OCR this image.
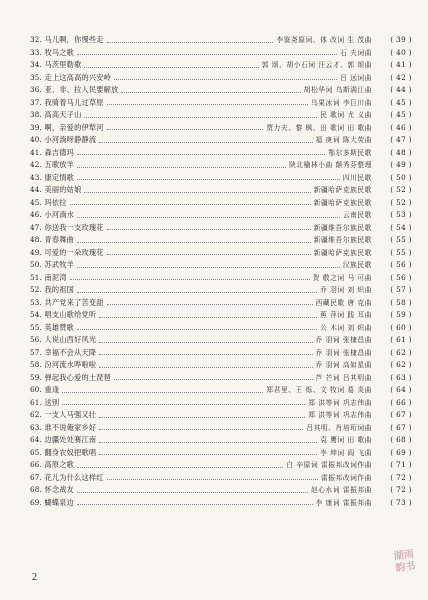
32. 马儿啊，你慢些走	李鉴尧原词、体 改词 生 茂曲	( 39 )
33. 牧马之歌	石 夫词曲	( 40 )
34. 马茨里勒歌	郭 颂、胡小石词 汪云才、郭 颂曲	( 41 )
35. 走上这高高的兴安岭	吕 远词曲	( 42 )
36. 亚、非、拉人民要解放	胡松华词 乌斯满江曲	( 44 )
37. 我骑着马儿过草原	乌果冰词 李巨川曲	( 45 )
38. 高高天子山	民 歌词 尤 义曲	( 45 )
39. 啊，亲爱的伊犁河	贾力夫、黎 枫、田 歌词 田 歌曲	( 46 )
40. 小河淌呀静静流	福 庚词 陈大荧曲	( 47 )
41. 森吉德玛	鄂尔多斯民歌	( 48 )
42. 五歌放羊	陕北榆林小曲 颠秀芬整理	( 49 )
43. 康定情歌	四川民歌	( 50 )
44. 美丽的姑娘	新疆哈萨克族民歌	( 52 )
45. 玛依拉	新疆哈萨克族民歌	( 52 )
46. 小河淌水	云南民歌	( 53 )
47. 你送我一支玫瑰花	新疆维吾尔族民歌	( 54 )
48. 青春舞曲	新疆维吾尔族民歌	( 55 )
49. 可爱的一朵玫瑰花	新疆哈萨克族民歌	( 55 )
50. 苏武牧羊	汉族民歌	( 56 )
51. 南泥湾	贺 敬之词 马 可曲	( 56 )
52. 我的祖国	乔 羽词 刘 炽曲	( 57 )
53. 共产党来了苦变甜	西藏民歌 唐 克曲	( 58 )
54. 唱支山歌给党听	蕉 萍词 践 耳曲	( 59 )
55. 英雄赞歌	公 木词 刘 炽曲	( 60 )
56. 人说山西好风光	乔 羽词 张棣昌曲	( 61 )
57. 幸福不会从天降	乔 羽词 张棣昌曲	( 62 )
58. 汾河流水哗啦啦	乔 羽词 高如星曲	( 62 )
59. 弹起我心爱的土琵琶	芦 芒词 吕其明曲	( 63 )
60. 重逢	郑君里、王 烁、文 牧词 葛 炎曲	( 64 )
61. 送别	郑 洪等词 巩志伟曲	( 66 )
62. 一支人马强又壮	郑 洪等词 巩志伟曲	( 67 )
63. 谁不说俺家乡好	吕其明、肖培珩词曲	( 67 )
64. 边疆处处赛江南	袁 鹰词 田 歌曲	( 68 )
65. 翻身农奴把歌唱	李 坤词 阎 飞曲	( 69 )
66. 高原之歌	白 辛原词 雷振邦改词作曲	( 71 )
67. 花儿为什么这样红	雷振邦改词作曲	( 72 )
68. 怀念战友	赵心水词 雷振邦曲	( 72 )
69. 蝴蝶泉边	李 康词 雷振邦曲	( 73 )
2
湖雨
韵书
